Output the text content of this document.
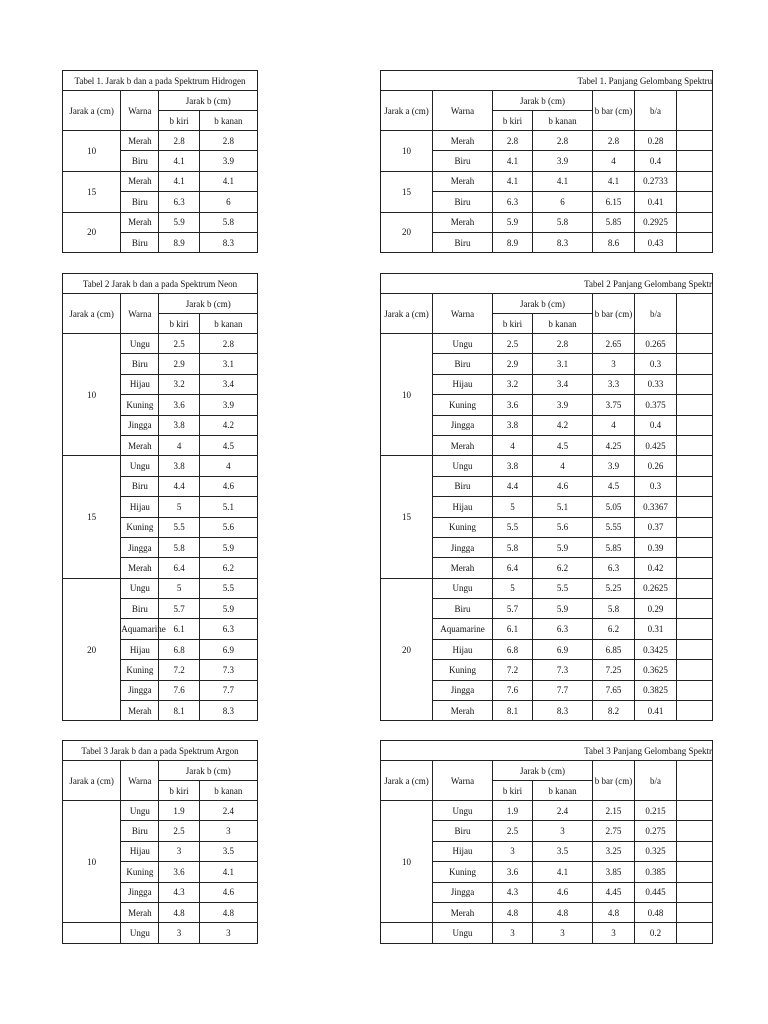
Tabel 1. Panjang Gelombang Spektru						
Jarak a (cm)	Warna	Jarak b (cm)		b bar (cm)	b/a	
		b kiri	b kanan			
10	Merah	2.8	2.8	2.8	0.28	
	Biru	4.1	3.9	4	0.4	
15	Merah	4.1	4.1	4.1	0.2733	
	Biru	6.3	6	6.15	0.41	
20	Merah	5.9	5.8	5.85	0.2925	
	Biru	8.9	8.3	8.6	0.43	
Tabel 2 Panjang Gelombang Spektr						
Jarak a (cm)	Warna	Jarak b (cm)		b bar (cm)	b/a	
		b kiri	b kanan			
10	Ungu	2.5	2.8	2.65	0.265	
	Biru	2.9	3.1	3	0.3	
	Hijau	3.2	3.4	3.3	0.33	
	Kuning	3.6	3.9	3.75	0.375	
	Jingga	3.8	4.2	4	0.4	
	Merah	4	4.5	4.25	0.425	
15	Ungu	3.8	4	3.9	0.26	
	Biru	4.4	4.6	4.5	0.3	
	Hijau	5	5.1	5.05	0.3367	
	Kuning	5.5	5.6	5.55	0.37	
	Jingga	5.8	5.9	5.85	0.39	
	Merah	6.4	6.2	6.3	0.42	
20	Ungu	5	5.5	5.25	0.2625	
	Biru	5.7	5.9	5.8	0.29	
	Aquamarine	6.1	6.3	6.2	0.31	
	Hijau	6.8	6.9	6.85	0.3425	
	Kuning	7.2	7.3	7.25	0.3625	
	Jingga	7.6	7.7	7.65	0.3825	
	Merah	8.1	8.3	8.2	0.41	
Tabel 3 Panjang Gelombang Spektr						
Jarak a (cm)	Warna	Jarak b (cm)		b bar (cm)	b/a	
		b kiri	b kanan			
10	Ungu	1.9	2.4	2.15	0.215	
	Biru	2.5	3	2.75	0.275	
	Hijau	3	3.5	3.25	0.325	
	Kuning	3.6	4.1	3.85	0.385	
	Jingga	4.3	4.6	4.45	0.445	
	Merah	4.8	4.8	4.8	0.48	
	Ungu	3	3	3	0.2	
Tabel 1. Jarak b dan a pada Spektrum Hidrogen			
Jarak a (cm)	Warna	Jarak b (cm)	
		b kiri	b kanan
10	Merah	2.8	2.8
	Biru	4.1	3.9
15	Merah	4.1	4.1
	Biru	6.3	6
20	Merah	5.9	5.8
	Biru	8.9	8.3
Tabel 2 Jarak b dan a pada Spektrum Neon			
Jarak a (cm)	Warna	Jarak b (cm)	
		b kiri	b kanan
10	Ungu	2.5	2.8
	Biru	2.9	3.1
	Hijau	3.2	3.4
	Kuning	3.6	3.9
	Jingga	3.8	4.2
	Merah	4	4.5
15	Ungu	3.8	4
	Biru	4.4	4.6
	Hijau	5	5.1
	Kuning	5.5	5.6
	Jingga	5.8	5.9
	Merah	6.4	6.2
20	Ungu	5	5.5
	Biru	5.7	5.9
	Aquamarine	6.1	6.3
	Hijau	6.8	6.9
	Kuning	7.2	7.3
	Jingga	7.6	7.7
	Merah	8.1	8.3
Tabel 3 Jarak b dan a pada Spektrum Argon			
Jarak a (cm)	Warna	Jarak b (cm)	
		b kiri	b kanan
10	Ungu	1.9	2.4
	Biru	2.5	3
	Hijau	3	3.5
	Kuning	3.6	4.1
	Jingga	4.3	4.6
	Merah	4.8	4.8
	Ungu	3	3
